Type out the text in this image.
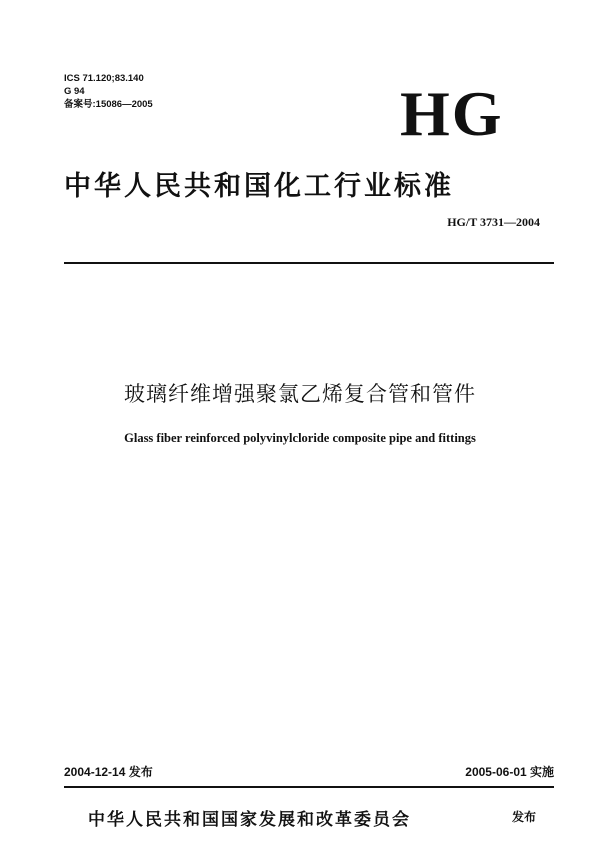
ICS 71.120;83.140
G 94
备案号:15086—2005	HG
中华人民共和国化工行业标准
HG/T 3731—2004
玻璃纤维增强聚氯乙烯复合管和管件
Glass fiber reinforced polyvinylcloride composite pipe and fittings
2004-12-14 发布	2005-06-01 实施
中华人民共和国国家发展和改革委员会	发布
